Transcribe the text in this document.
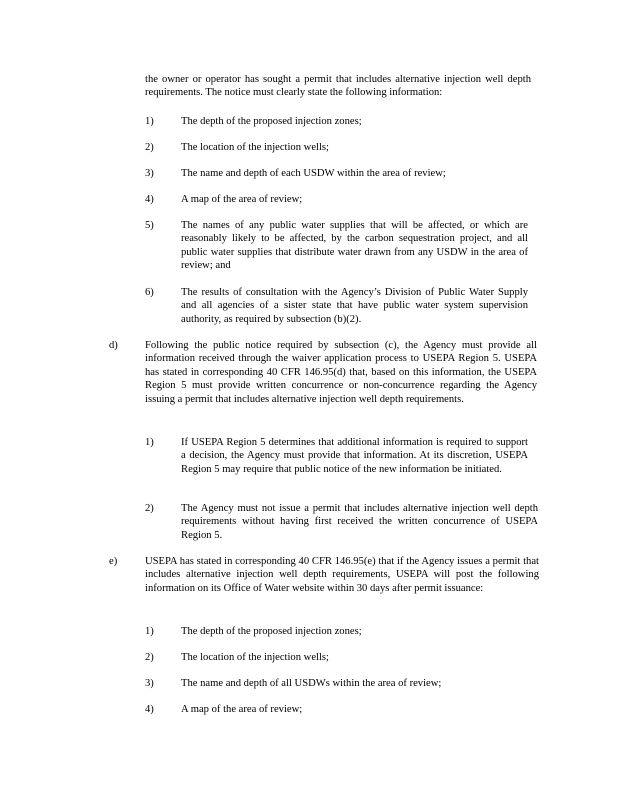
the owner or operator has sought a permit that includes alternative injection well depth requirements. The notice must clearly state the following information:

1)	The depth of the proposed injection zones;

2)	The location of the injection wells;

3)	The name and depth of each USDW within the area of review;

4)	A map of the area of review;

5)	The names of any public water supplies that will be affected, or which are reasonably likely to be affected, by the carbon sequestration project, and all public water supplies that distribute water drawn from any USDW in the area of review; and

6)	The results of consultation with the Agency’s Division of Public Water Supply and all agencies of a sister state that have public water system supervision authority, as required by subsection (b)(2).

d)	Following the public notice required by subsection (c), the Agency must provide all information received through the waiver application process to USEPA Region 5. USEPA has stated in corresponding 40 CFR 146.95(d) that, based on this information, the USEPA Region 5 must provide written concurrence or non-concurrence regarding the Agency issuing a permit that includes alternative injection well depth requirements.

1)	If USEPA Region 5 determines that additional information is required to support a decision, the Agency must provide that information. At its discretion, USEPA Region 5 may require that public notice of the new information be initiated.

2)	The Agency must not issue a permit that includes alternative injection well depth requirements without having first received the written concurrence of USEPA Region 5.

e)	USEPA has stated in corresponding 40 CFR 146.95(e) that if the Agency issues a permit that includes alternative injection well depth requirements, USEPA will post the following information on its Office of Water website within 30 days after permit issuance:

1)	The depth of the proposed injection zones;

2)	The location of the injection wells;

3)	The name and depth of all USDWs within the area of review;

4)	A map of the area of review;
